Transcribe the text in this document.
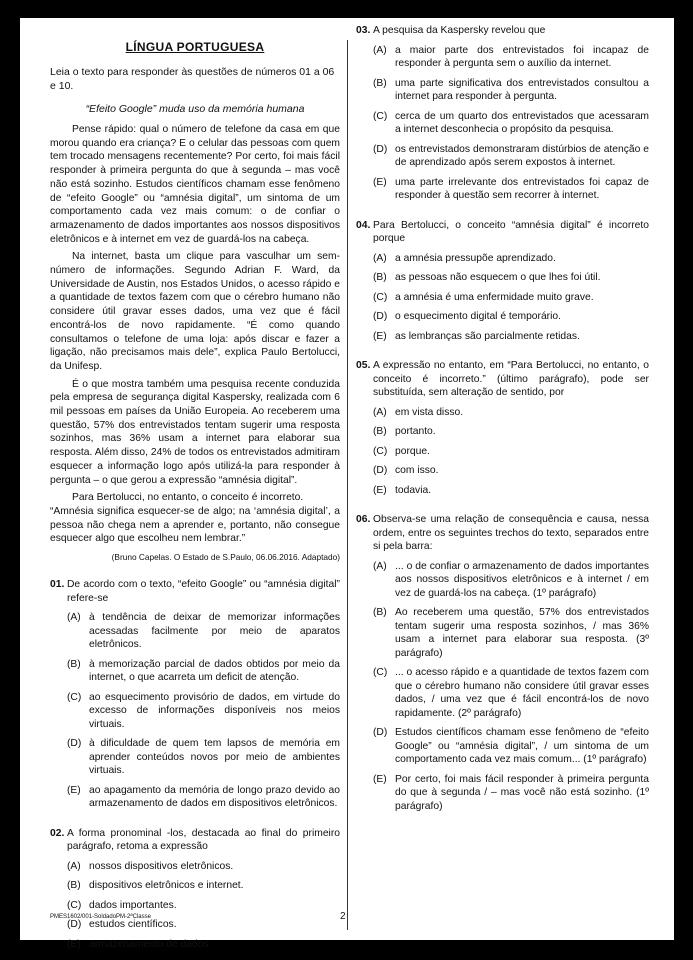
LÍNGUA PORTUGUESA
Leia o texto para responder às questões de números 01 a 06 e 10.
“Efeito Google” muda uso da memória humana

Pense rápido: qual o número de telefone da casa em que morou quando era criança? E o celular das pessoas com quem tem trocado mensagens recentemente? Por certo, foi mais fácil responder à primeira pergunta do que à segunda – mas você não está sozinho. Estudos científicos chamam esse fenômeno de “efeito Google” ou “amnésia digital”, um sintoma de um comportamento cada vez mais comum: o de confiar o armazenamento de dados importantes aos nossos dispositivos eletrônicos e à internet em vez de guardá-los na cabeça.

Na internet, basta um clique para vasculhar um sem-número de informações. Segundo Adrian F. Ward, da Universidade de Austin, nos Estados Unidos, o acesso rápido e a quantidade de textos fazem com que o cérebro humano não considere útil gravar esses dados, uma vez que é fácil encontrá-los de novo rapidamente. “É como quando consultamos o telefone de uma loja: após discar e fazer a ligação, não precisamos mais dele”, explica Paulo Bertolucci, da Unifesp.

É o que mostra também uma pesquisa recente conduzida pela empresa de segurança digital Kaspersky, realizada com 6 mil pessoas em países da União Europeia. Ao receberem uma questão, 57% dos entrevistados tentam sugerir uma resposta sozinhos, mas 36% usam a internet para elaborar sua resposta. Além disso, 24% de todos os entrevistados admitiram esquecer a informação logo após utilizá-la para responder à pergunta – o que gerou a expressão “amnésia digital”.

Para Bertolucci, no entanto, o conceito é incorreto.

“Amnésia significa esquecer-se de algo; na ‘amnésia digital’, a pessoa não chega nem a aprender e, portanto, não consegue esquecer algo que escolheu nem lembrar.”

(Bruno Capelas. O Estado de S.Paulo, 06.06.2016. Adaptado)
01. De acordo com o texto, “efeito Google” ou “amnésia digital” refere-se
(A) à tendência de deixar de memorizar informações acessadas facilmente por meio de aparatos eletrônicos.
(B) à memorização parcial de dados obtidos por meio da internet, o que acarreta um deficit de atenção.
(C) ao esquecimento provisório de dados, em virtude do excesso de informações disponíveis nos meios virtuais.
(D) à dificuldade de quem tem lapsos de memória em aprender conteúdos novos por meio de ambientes virtuais.
(E) ao apagamento da memória de longo prazo devido ao armazenamento de dados em dispositivos eletrônicos.
02. A forma pronominal -los, destacada ao final do primeiro parágrafo, retoma a expressão
(A) nossos dispositivos eletrônicos.
(B) dispositivos eletrônicos e internet.
(C) dados importantes.
(D) estudos científicos.
(E) armazenamento de dados.
03. A pesquisa da Kaspersky revelou que
(A) a maior parte dos entrevistados foi incapaz de responder à pergunta sem o auxílio da internet.
(B) uma parte significativa dos entrevistados consultou a internet para responder à pergunta.
(C) cerca de um quarto dos entrevistados que acessaram a internet desconhecia o propósito da pesquisa.
(D) os entrevistados demonstraram distúrbios de atenção e de aprendizado após serem expostos à internet.
(E) uma parte irrelevante dos entrevistados foi capaz de responder à questão sem recorrer à internet.
04. Para Bertolucci, o conceito “amnésia digital” é incorreto porque
(A) a amnésia pressupõe aprendizado.
(B) as pessoas não esquecem o que lhes foi útil.
(C) a amnésia é uma enfermidade muito grave.
(D) o esquecimento digital é temporário.
(E) as lembranças são parcialmente retidas.
05. A expressão no entanto, em “Para Bertolucci, no entanto, o conceito é incorreto.” (último parágrafo), pode ser substituída, sem alteração de sentido, por
(A) em vista disso.
(B) portanto.
(C) porque.
(D) com isso.
(E) todavia.
06. Observa-se uma relação de consequência e causa, nessa ordem, entre os seguintes trechos do texto, separados entre si pela barra:
(A) ... o de confiar o armazenamento de dados importantes aos nossos dispositivos eletrônicos e à internet / em vez de guardá-los na cabeça. (1º parágrafo)
(B) Ao receberem uma questão, 57% dos entrevistados tentam sugerir uma resposta sozinhos, / mas 36% usam a internet para elaborar sua resposta. (3º parágrafo)
(C) ... o acesso rápido e a quantidade de textos fazem com que o cérebro humano não considere útil gravar esses dados, / uma vez que é fácil encontrá-los de novo rapidamente. (2º parágrafo)
(D) Estudos científicos chamam esse fenômeno de “efeito Google” ou “amnésia digital”, / um sintoma de um comportamento cada vez mais comum... (1º parágrafo)
(E) Por certo, foi mais fácil responder à primeira pergunta do que à segunda / – mas você não está sozinho. (1º parágrafo)
PMES1602/001-SoldadoPM-2ªClasse	2
